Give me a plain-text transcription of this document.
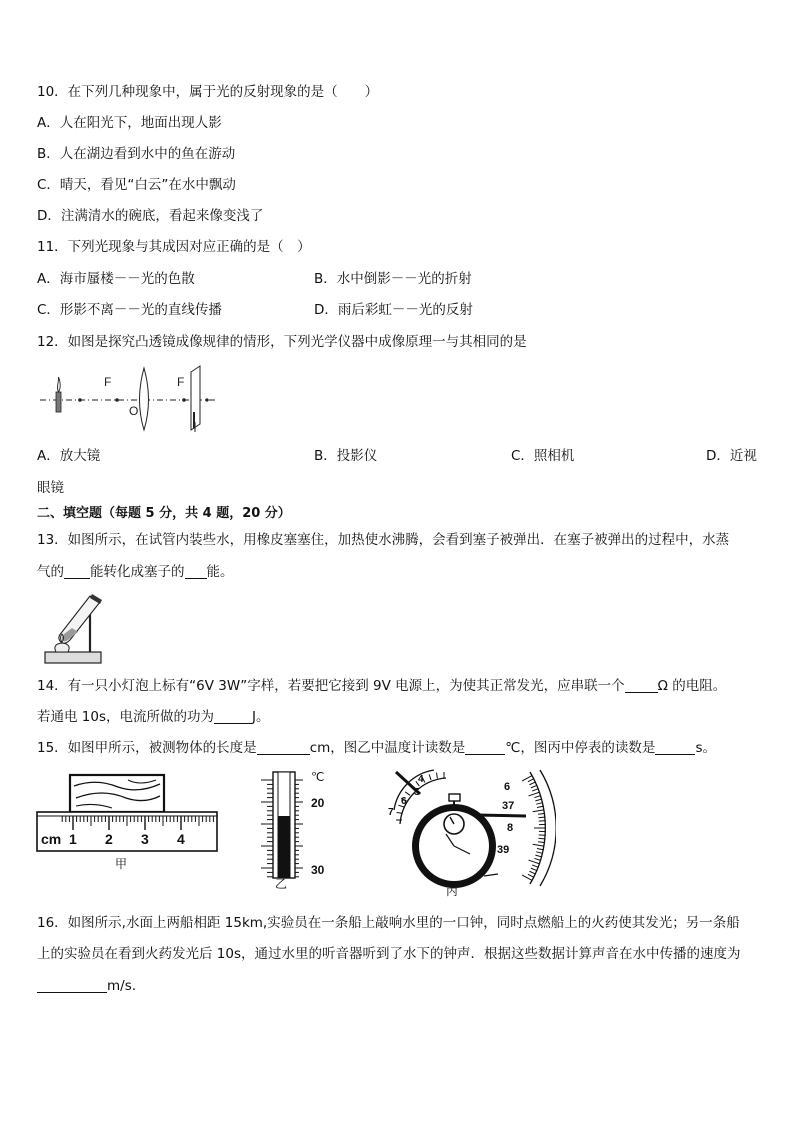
10．在下列几种现象中，属于光的反射现象的是（　　）
A．人在阳光下，地面出现人影
B．人在湖边看到水中的鱼在游动
C．晴天，看见“白云”在水中飘动
D．注满清水的碗底，看起来像变浅了
11．下列光现象与其成因对应正确的是（　）
A．海市蜃楼－－光的色散	B．水中倒影－－光的折射
C．形影不离－－光的直线传播	D．雨后彩虹－－光的反射
12．如图是探究凸透镜成像规律的情形，下列光学仪器中成像原理一与其相同的是
F
O
F
A．放大镜	B．投影仪	C．照相机	D．近视
眼镜
二、填空题（每题 5 分，共 4 题，20 分）
13．如图所示，在试管内装些水，用橡皮塞塞住，加热使水沸腾，会看到塞子被弹出．在塞子被弹出的过程中，水蒸
气的 能转化成塞子的 能。
14．有一只小灯泡上标有“6V 3W”字样，若要把它接到 9V 电源上，为使其正常发光，应串联一个 Ω 的电阻。
若通电 10s，电流所做的功为	J。
15．如图甲所示，被测物体的长度是	cm，图乙中温度计读数是	℃，图丙中停表的读数是	s。
cm 1 2 3 4
甲
℃
20
30
乙
4
5
6
7
6
37
8
39
丙
16．如图所示,水面上两船相距 15km,实验员在一条船上敲响水里的一口钟，同时点燃船上的火药使其发光；另一条船
上的实验员在看到火药发光后 10s，通过水里的听音器听到了水下的钟声．根据这些数据计算声音在水中传播的速度为
m/s.
